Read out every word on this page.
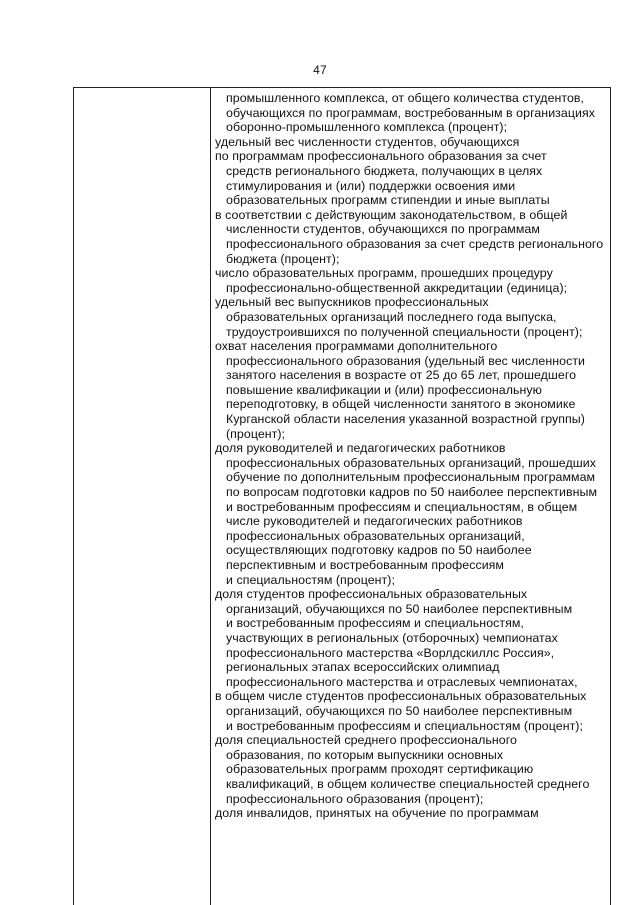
47
промышленного комплекса, от общего количества студентов,
обучающихся по программам, востребованным в организациях
оборонно-промышленного комплекса (процент);
удельный вес численности студентов, обучающихся
по программам профессионального образования за счет
средств регионального бюджета, получающих в целях
стимулирования и (или) поддержки освоения ими
образовательных программ стипендии и иные выплаты
в соответствии с действующим законодательством, в общей
численности студентов, обучающихся по программам
профессионального образования за счет средств регионального
бюджета (процент);
число образовательных программ, прошедших процедуру
профессионально-общественной аккредитации (единица);
удельный вес выпускников профессиональных
образовательных организаций последнего года выпуска,
трудоустроившихся по полученной специальности (процент);
охват населения программами дополнительного
профессионального образования (удельный вес численности
занятого населения в возрасте от 25 до 65 лет, прошедшего
повышение квалификации и (или) профессиональную
переподготовку, в общей численности занятого в экономике
Курганской области населения указанной возрастной группы)
(процент);
доля руководителей и педагогических работников
профессиональных образовательных организаций, прошедших
обучение по дополнительным профессиональным программам
по вопросам подготовки кадров по 50 наиболее перспективным
и востребованным профессиям и специальностям, в общем
числе руководителей и педагогических работников
профессиональных образовательных организаций,
осуществляющих подготовку кадров по 50 наиболее
перспективным и востребованным профессиям
и специальностям (процент);
доля студентов профессиональных образовательных
организаций, обучающихся по 50 наиболее перспективным
и востребованным профессиям и специальностям,
участвующих в региональных (отборочных) чемпионатах
профессионального мастерства «Ворлдскиллс Россия»,
региональных этапах всероссийских олимпиад
профессионального мастерства и отраслевых чемпионатах,
в общем числе студентов профессиональных образовательных
организаций, обучающихся по 50 наиболее перспективным
и востребованным профессиям и специальностям (процент);
доля специальностей среднего профессионального
образования, по которым выпускники основных
образовательных программ проходят сертификацию
квалификаций, в общем количестве специальностей среднего
профессионального образования (процент);
доля инвалидов, принятых на обучение по программам
